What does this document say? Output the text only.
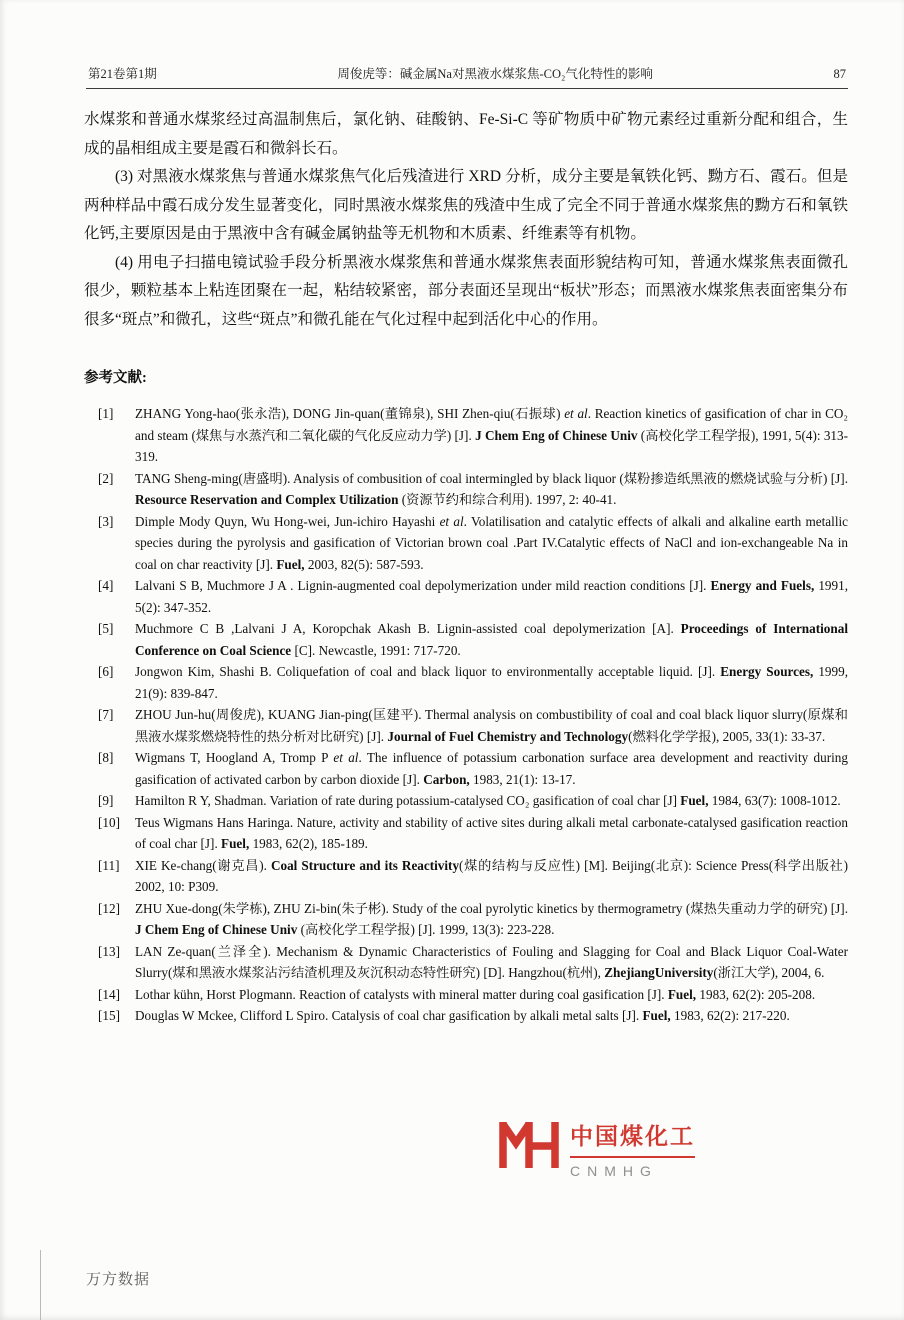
第21卷第1期	周俊虎等：碱金属Na对黑液水煤浆焦-CO₂气化特性的影响	87

水煤浆和普通水煤浆经过高温制焦后，氯化钠、硅酸钠、Fe-Si-C 等矿物质中矿物元素经过重新分配和组合，生成的晶相组成主要是霞石和微斜长石。

(3) 对黑液水煤浆焦与普通水煤浆焦气化后残渣进行 XRD 分析，成分主要是氧铁化钙、黝方石、霞石。但是两种样品中霞石成分发生显著变化，同时黑液水煤浆焦的残渣中生成了完全不同于普通水煤浆焦的黝方石和氧铁化钙,主要原因是由于黑液中含有碱金属钠盐等无机物和木质素、纤维素等有机物。

(4) 用电子扫描电镜试验手段分析黑液水煤浆焦和普通水煤浆焦表面形貌结构可知，普通水煤浆焦表面微孔很少，颗粒基本上粘连团聚在一起，粘结较紧密，部分表面还呈现出“板状”形态；而黑液水煤浆焦表面密集分布很多“斑点”和微孔，这些“斑点”和微孔能在气化过程中起到活化中心的作用。

参考文献:
[1]	ZHANG Yong-hao(张永浩), DONG Jin-quan(董锦泉), SHI Zhen-qiu(石振球) et al. Reaction kinetics of gasification of char in CO₂ and steam (煤焦与水蒸汽和二氧化碳的气化反应动力学) [J]. J Chem Eng of Chinese Univ (高校化学工程学报), 1991, 5(4): 313-319.
[2]	TANG Sheng-ming(唐盛明). Analysis of combusition of coal intermingled by black liquor (煤粉掺造纸黑液的燃烧试验与分析) [J]. Resource Reservation and Complex Utilization (资源节约和综合利用). 1997, 2: 40-41.
[3]	Dimple Mody Quyn, Wu Hong-wei, Jun-ichiro Hayashi et al. Volatilisation and catalytic effects of alkali and alkaline earth metallic species during the pyrolysis and gasification of Victorian brown coal .Part IV.Catalytic effects of NaCl and ion-exchangeable Na in coal on char reactivity [J]. Fuel, 2003, 82(5): 587-593.
[4]	Lalvani S B, Muchmore J A . Lignin-augmented coal depolymerization under mild reaction conditions [J]. Energy and Fuels, 1991, 5(2): 347-352.
[5]	Muchmore C B ,Lalvani J A, Koropchak Akash B. Lignin-assisted coal depolymerization [A]. Proceedings of International Conference on Coal Science [C]. Newcastle, 1991: 717-720.
[6]	Jongwon Kim, Shashi B. Coliquefation of coal and black liquor to environmentally acceptable liquid. [J]. Energy Sources, 1999, 21(9): 839-847.
[7]	ZHOU Jun-hu(周俊虎), KUANG Jian-ping(匡建平). Thermal analysis on combustibility of coal and coal black liquor slurry(原煤和黑液水煤浆燃烧特性的热分析对比研究) [J]. Journal of Fuel Chemistry and Technology(燃料化学学报), 2005, 33(1): 33-37.
[8]	Wigmans T, Hoogland A, Tromp P et al. The influence of potassium carbonation surface area development and reactivity during gasification of activated carbon by carbon dioxide [J]. Carbon, 1983, 21(1): 13-17.
[9]	Hamilton R Y, Shadman. Variation of rate during potassium-catalysed CO₂ gasification of coal char [J] Fuel, 1984, 63(7): 1008-1012.
[10]	Teus Wigmans Hans Haringa. Nature, activity and stability of active sites during alkali metal carbonate-catalysed gasification reaction of coal char [J]. Fuel, 1983, 62(2), 185-189.
[11]	XIE Ke-chang(谢克昌). Coal Structure and its Reactivity(煤的结构与反应性) [M]. Beijing(北京): Science Press(科学出版社) 2002, 10: P309.
[12]	ZHU Xue-dong(朱学栋), ZHU Zi-bin(朱子彬). Study of the coal pyrolytic kinetics by thermogrametry (煤热失重动力学的研究) [J]. J Chem Eng of Chinese Univ (高校化学工程学报) [J]. 1999, 13(3): 223-228.
[13]	LAN Ze-quan(兰泽全). Mechanism & Dynamic Characteristics of Fouling and Slagging for Coal and Black Liquor Coal-Water Slurry(煤和黑液水煤浆沾污结渣机理及灰沉积动态特性研究) [D]. Hangzhou(杭州), ZhejiangUniversity(浙江大学), 2004, 6.
[14]	Lothar kühn, Horst Plogmann. Reaction of catalysts with mineral matter during coal gasification [J]. Fuel, 1983, 62(2): 205-208.
[15]	Douglas W Mckee, Clifford L Spiro. Catalysis of coal char gasification by alkali metal salts [J]. Fuel, 1983, 62(2): 217-220.
中国煤化工
CNMHG
万方数据
